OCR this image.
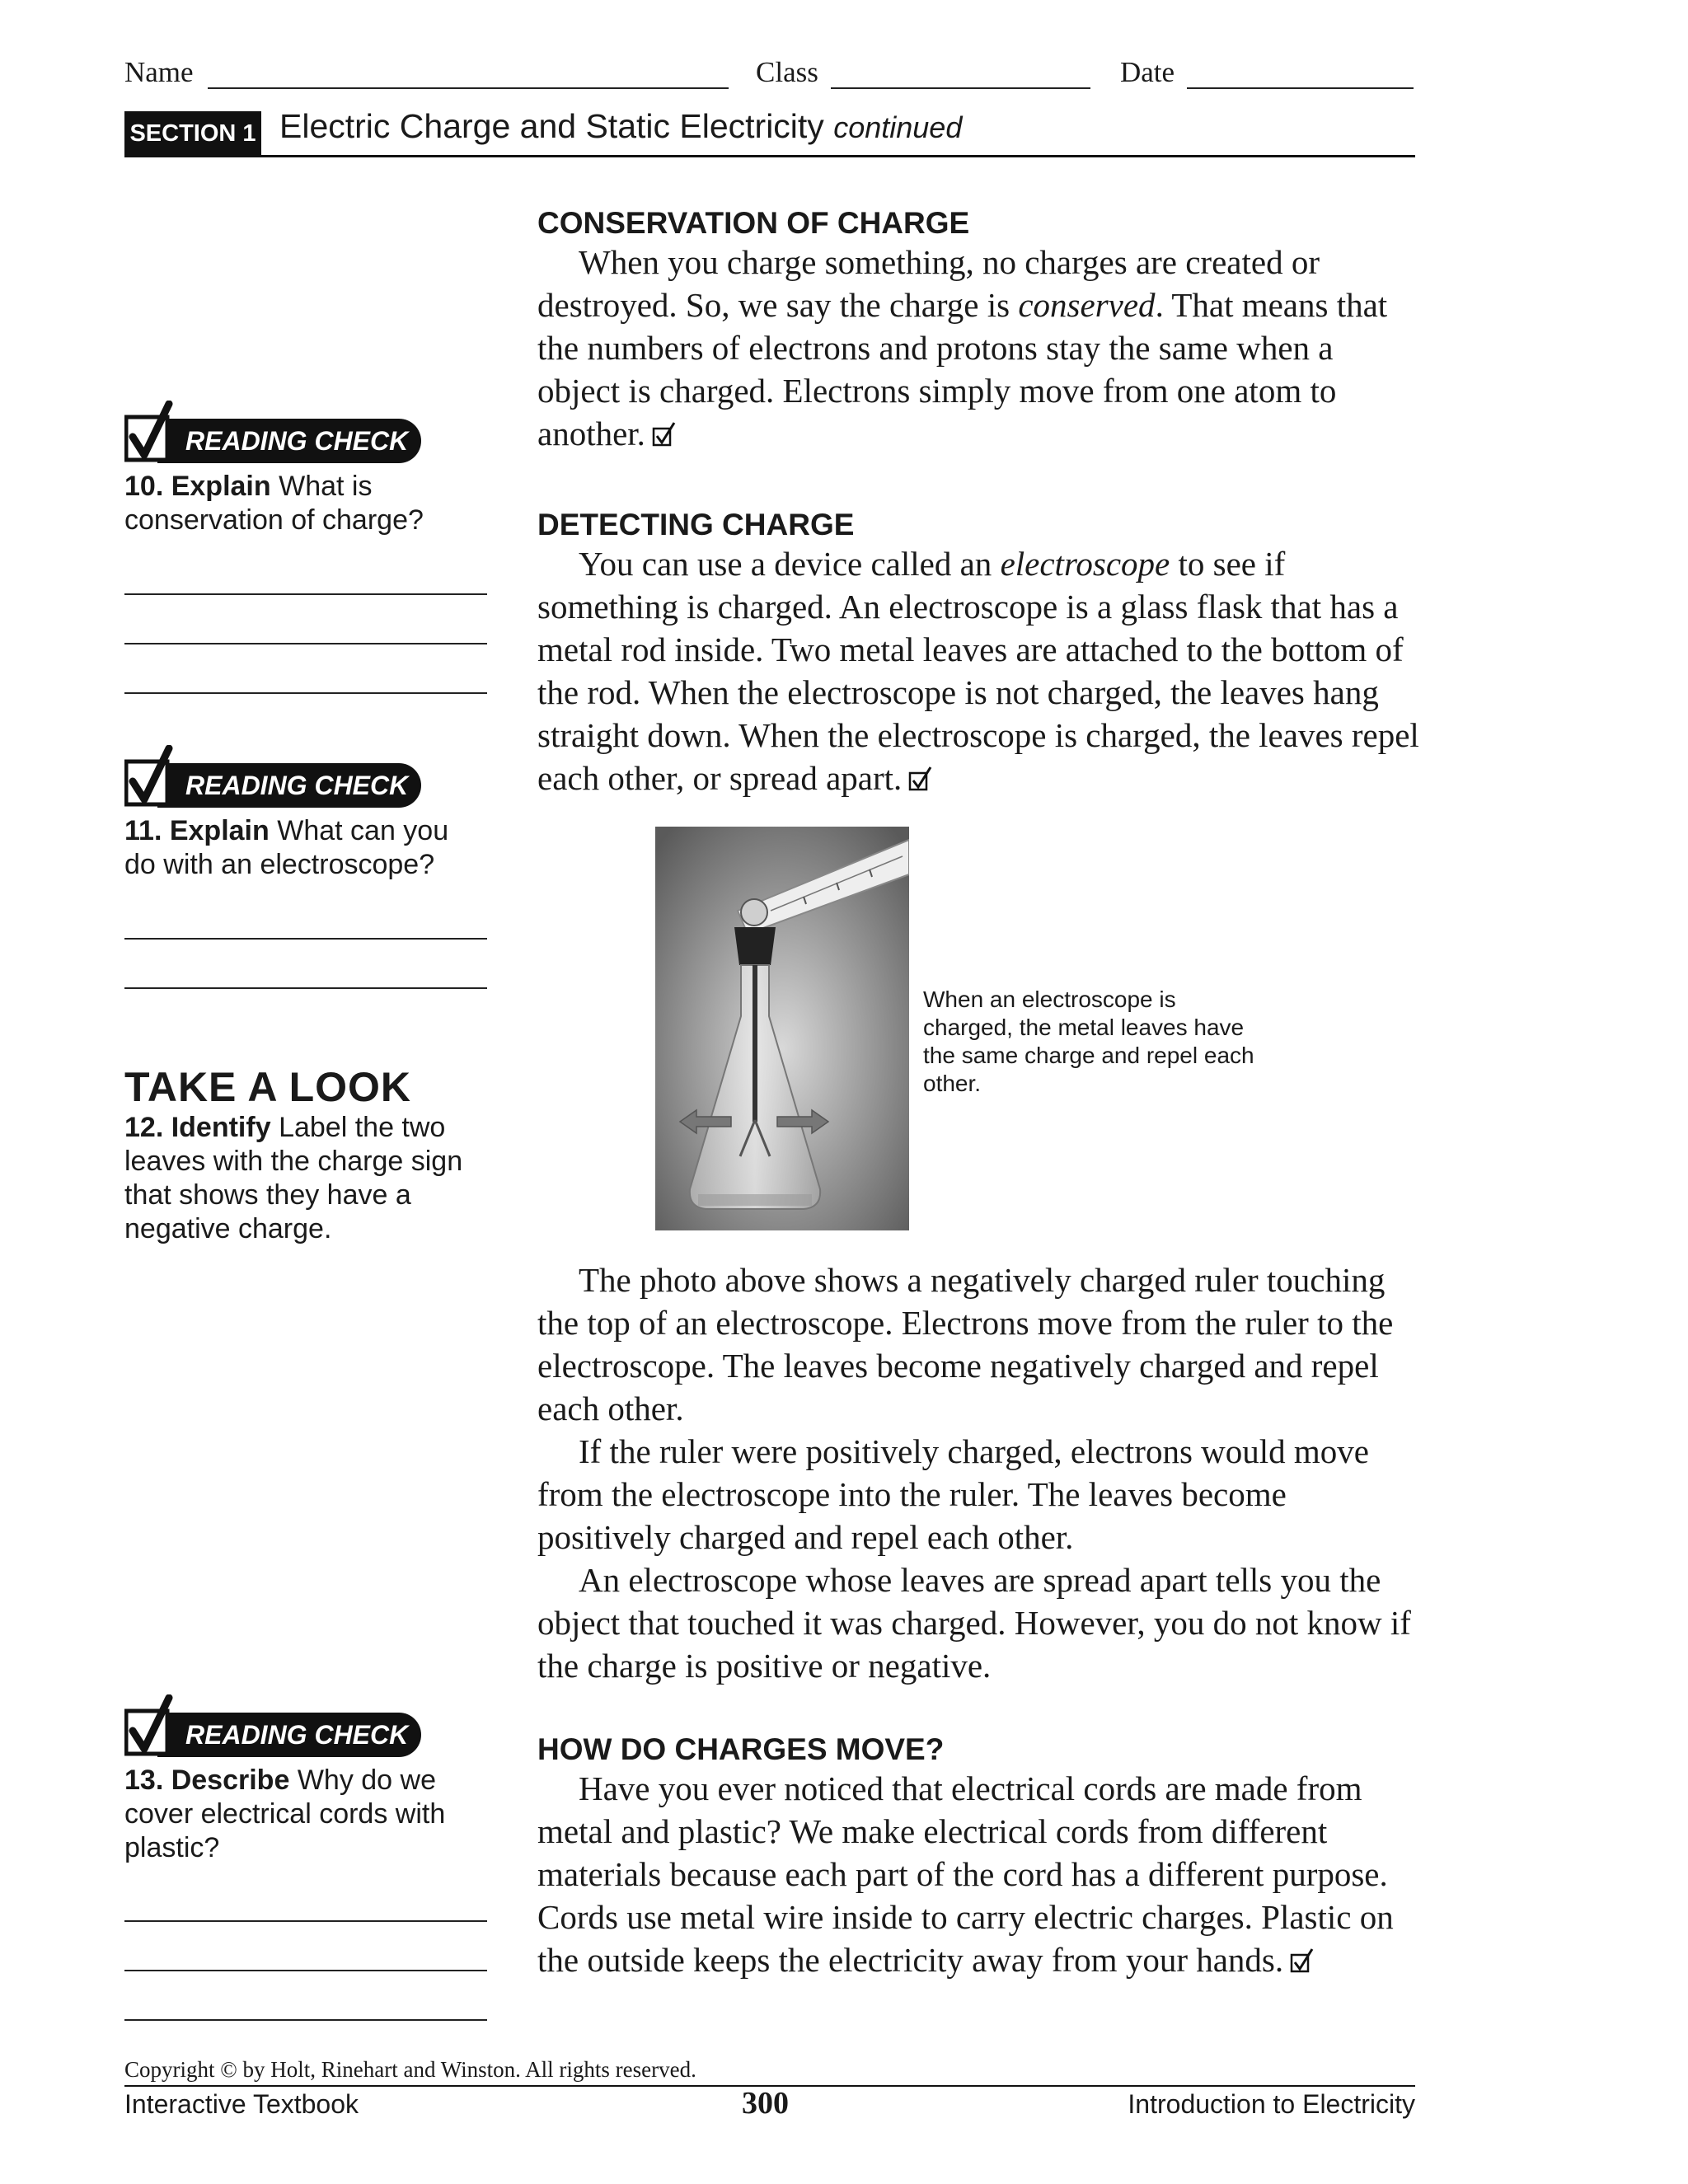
Name	Class	Date
SECTION 1 Electric Charge and Static Electricity continued
READING CHECK
10. Explain What is conservation of charge?
READING CHECK
11. Explain What can you do with an electroscope?
TAKE A LOOK
12. Identify Label the two leaves with the charge sign that shows they have a negative charge.
READING CHECK
13. Describe Why do we cover electrical cords with plastic?
CONSERVATION OF CHARGE

When you charge something, no charges are created or destroyed. So, we say the charge is conserved. That means that the numbers of electrons and protons stay the same when a object is charged. Electrons simply move from one atom to another.

DETECTING CHARGE

You can use a device called an electroscope to see if something is charged. An electroscope is a glass flask that has a metal rod inside. Two metal leaves are attached to the bottom of the rod. When the electroscope is not charged, the leaves hang straight down. When the electroscope is charged, the leaves repel each other, or spread apart.

When an electroscope is charged, the metal leaves have the same charge and repel each other.

The photo above shows a negatively charged ruler touching the top of an electroscope. Electrons move from the ruler to the electroscope. The leaves become negatively charged and repel each other.

If the ruler were positively charged, electrons would move from the electroscope into the ruler. The leaves become positively charged and repel each other.

An electroscope whose leaves are spread apart tells you the object that touched it was charged. However, you do not know if the charge is positive or negative.

HOW DO CHARGES MOVE?

Have you ever noticed that electrical cords are made from metal and plastic? We make electrical cords from different materials because each part of the cord has a different purpose. Cords use metal wire inside to carry electric charges. Plastic on the outside keeps the electricity away from your hands.

Copyright © by Holt, Rinehart and Winston. All rights reserved.
Interactive Textbook	300	Introduction to Electricity
